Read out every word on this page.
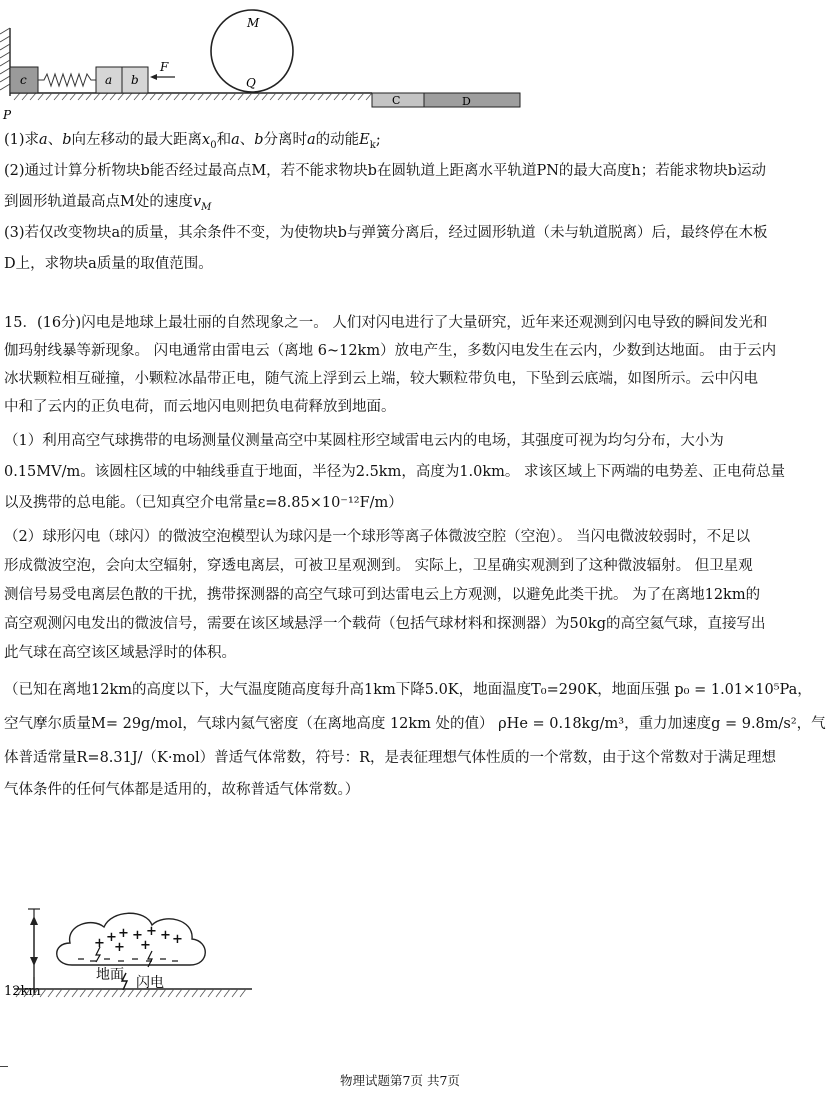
c	a b
F
M
Q
P
C	D
(1)求a、b向左移动的最大距离$x_0$和a、b分离时a的动能$E_k$;
(2)通过计算分析物块b能否经过最高点M，若不能求物块b在圆轨道上距离水平轨道PN的最大高度h；若能求物块b运动
到圆形轨道最高点M处的速度$v_M$
(3)若仅改变物块a的质量，其余条件不变，为使物块b与弹簧分离后，经过圆形轨道（未与轨道脱离）后，最终停在木板
D上，求物块a质量的取值范围。
15．(16分)闪电是地球上最壮丽的自然现象之一。 人们对闪电进行了大量研究，近年来还观测到闪电导致的瞬间发光和
伽玛射线暴等新现象。 闪电通常由雷电云（离地 6~12km）放电产生，多数闪电发生在云内，少数到达地面。 由于云内
冰状颗粒相互碰撞，小颗粒冰晶带正电，随气流上浮到云上端，较大颗粒带负电，下坠到云底端，如图所示。云中闪电
中和了云内的正负电荷，而云地闪电则把负电荷释放到地面。
（1）利用高空气球携带的电场测量仪测量高空中某圆柱形空域雷电云内的电场，其强度可视为均匀分布，大小为
0.15MV/m。该圆柱区域的中轴线垂直于地面，半径为2.5km，高度为1.0km。 求该区域上下两端的电势差、正电荷总量
以及携带的总电能。（已知真空介电常量ε=8.85×10⁻¹²F/m）
（2）球形闪电（球闪）的微波空泡模型认为球闪是一个球形等离子体微波空腔（空泡）。 当闪电微波较弱时，不足以
形成微波空泡，会向太空辐射，穿透电离层，可被卫星观测到。 实际上，卫星确实观测到了这种微波辐射。 但卫星观
测信号易受电离层色散的干扰，携带探测器的高空气球可到达雷电云上方观测，以避免此类干扰。 为了在离地12km的
高空观测闪电发出的微波信号，需要在该区域悬浮一个载荷（包括气球材料和探测器）为50kg的高空氦气球，直接写出
此气球在高空该区域悬浮时的体积。
（已知在离地12km的高度以下，大气温度随高度每升高1km下降5.0K，地面温度T₀=290K，地面压强 p₀ = 1.01×10⁵Pa，
空气摩尔质量M= 29g/mol，气球内氦气密度（在离地高度 12km 处的值） ρHe = 0.18kg/m³，重力加速度g = 9.8m/s²，气
体普适常量R=8.31J/（K·mol）普适气体常数，符号：R，是表征理想气体性质的一个常数，由于这个常数对于满足理想
气体条件的任何气体都是适用的，故称普适气体常数。）
12km
+ + + + + + +
+ +
闪电
地面
物理试题第7页 共7页
